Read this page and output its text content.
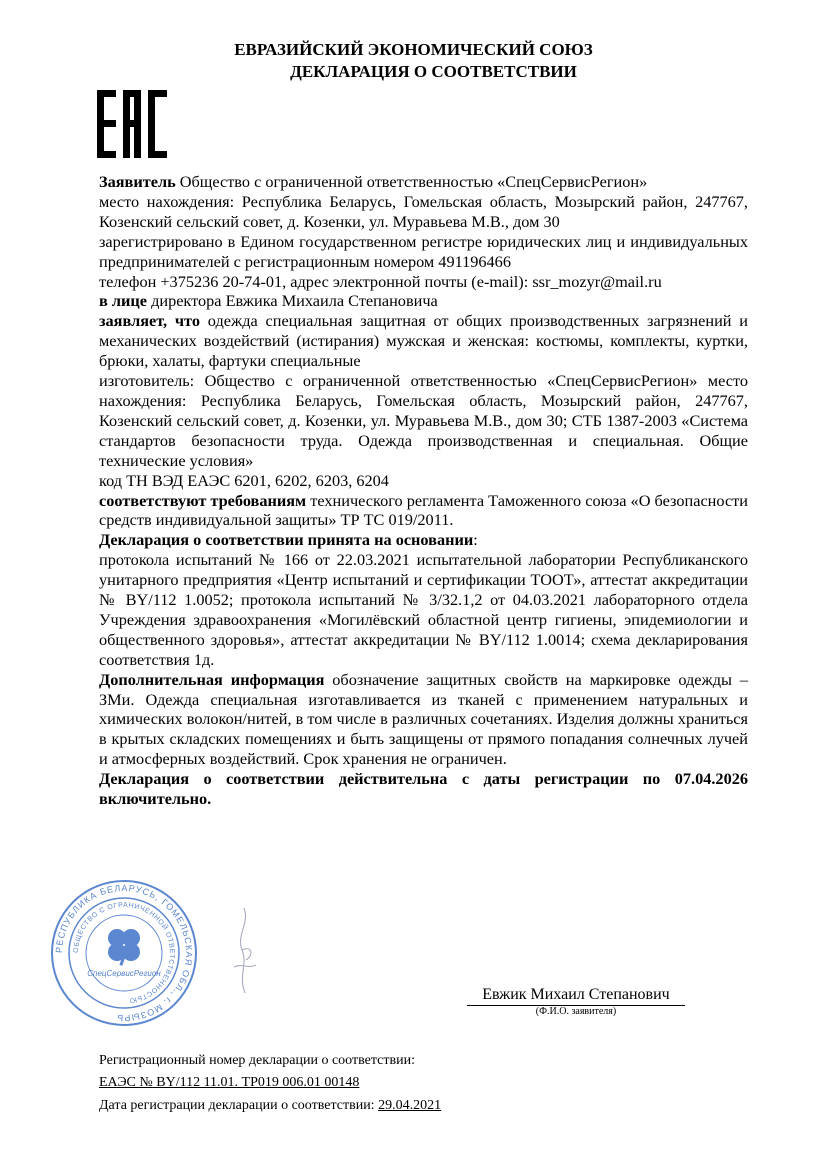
ЕВРАЗИЙСКИЙ ЭКОНОМИЧЕСКИЙ СОЮЗ
ДЕКЛАРАЦИЯ О СООТВЕТСТВИИ

Заявитель Общество с ограниченной ответственностью «СпецСервисРегион»

место нахождения: Республика Беларусь, Гомельская область, Мозырский район, 247767, Козенский сельский совет, д. Козенки, ул. Муравьева М.В., дом 30

зарегистрировано в Едином государственном регистре юридических лиц и индивидуальных предпринимателей с регистрационным номером 491196466

телефон +375236 20-74-01, адрес электронной почты (e-mail): ssr_mozyr@mail.ru

в лице директора Евжика Михаила Степановича

заявляет, что одежда специальная защитная от общих производственных загрязнений и механических воздействий (истирания) мужская и женская: костюмы, комплекты, куртки, брюки, халаты, фартуки специальные

изготовитель: Общество с ограниченной ответственностью «СпецСервисРегион» место нахождения: Республика Беларусь, Гомельская область, Мозырский район, 247767, Козенский сельский совет, д. Козенки, ул. Муравьева М.В., дом 30; СТБ 1387-2003 «Система стандартов безопасности труда. Одежда производственная и специальная. Общие технические условия»

код ТН ВЭД ЕАЭС 6201, 6202, 6203, 6204

соответствуют требованиям технического регламента Таможенного союза «О безопасности средств индивидуальной защиты» ТР ТС 019/2011.

Декларация о соответствии принята на основании:

протокола испытаний № 166 от 22.03.2021 испытательной лаборатории Республиканского унитарного предприятия «Центр испытаний и сертификации ТООТ», аттестат аккредитации № BY/112 1.0052; протокола испытаний № 3/32.1,2 от 04.03.2021 лабораторного отдела Учреждения здравоохранения «Могилёвский областной центр гигиены, эпидемиологии и общественного здоровья», аттестат аккредитации № BY/112 1.0014; схема декларирования соответствия 1д.

Дополнительная информация обозначение защитных свойств на маркировке одежды – ЗМи. Одежда специальная изготавливается из тканей с применением натуральных и химических волокон/нитей, в том числе в различных сочетаниях. Изделия должны храниться в крытых складских помещениях и быть защищены от прямого попадания солнечных лучей и атмосферных воздействий. Срок хранения не ограничен.

Декларация о соответствии действительна с даты регистрации по 07.04.2026 включительно.

РЕСПУБЛИКА БЕЛАРУСЬ, ГОМЕЛЬСКАЯ ОБЛ., г. МОЗЫРЬ
ОБЩЕСТВО С ОГРАНИЧЕННОЙ ОТВЕТСТВЕННОСТЬЮ
СпецСервисРегион
Евжик Михаил Степанович
(Ф.И.О. заявителя)
Регистрационный номер декларации о соответствии:
ЕАЭС № BY/112 11.01. ТР019 006.01 00148
Дата регистрации декларации о соответствии: 29.04.2021
